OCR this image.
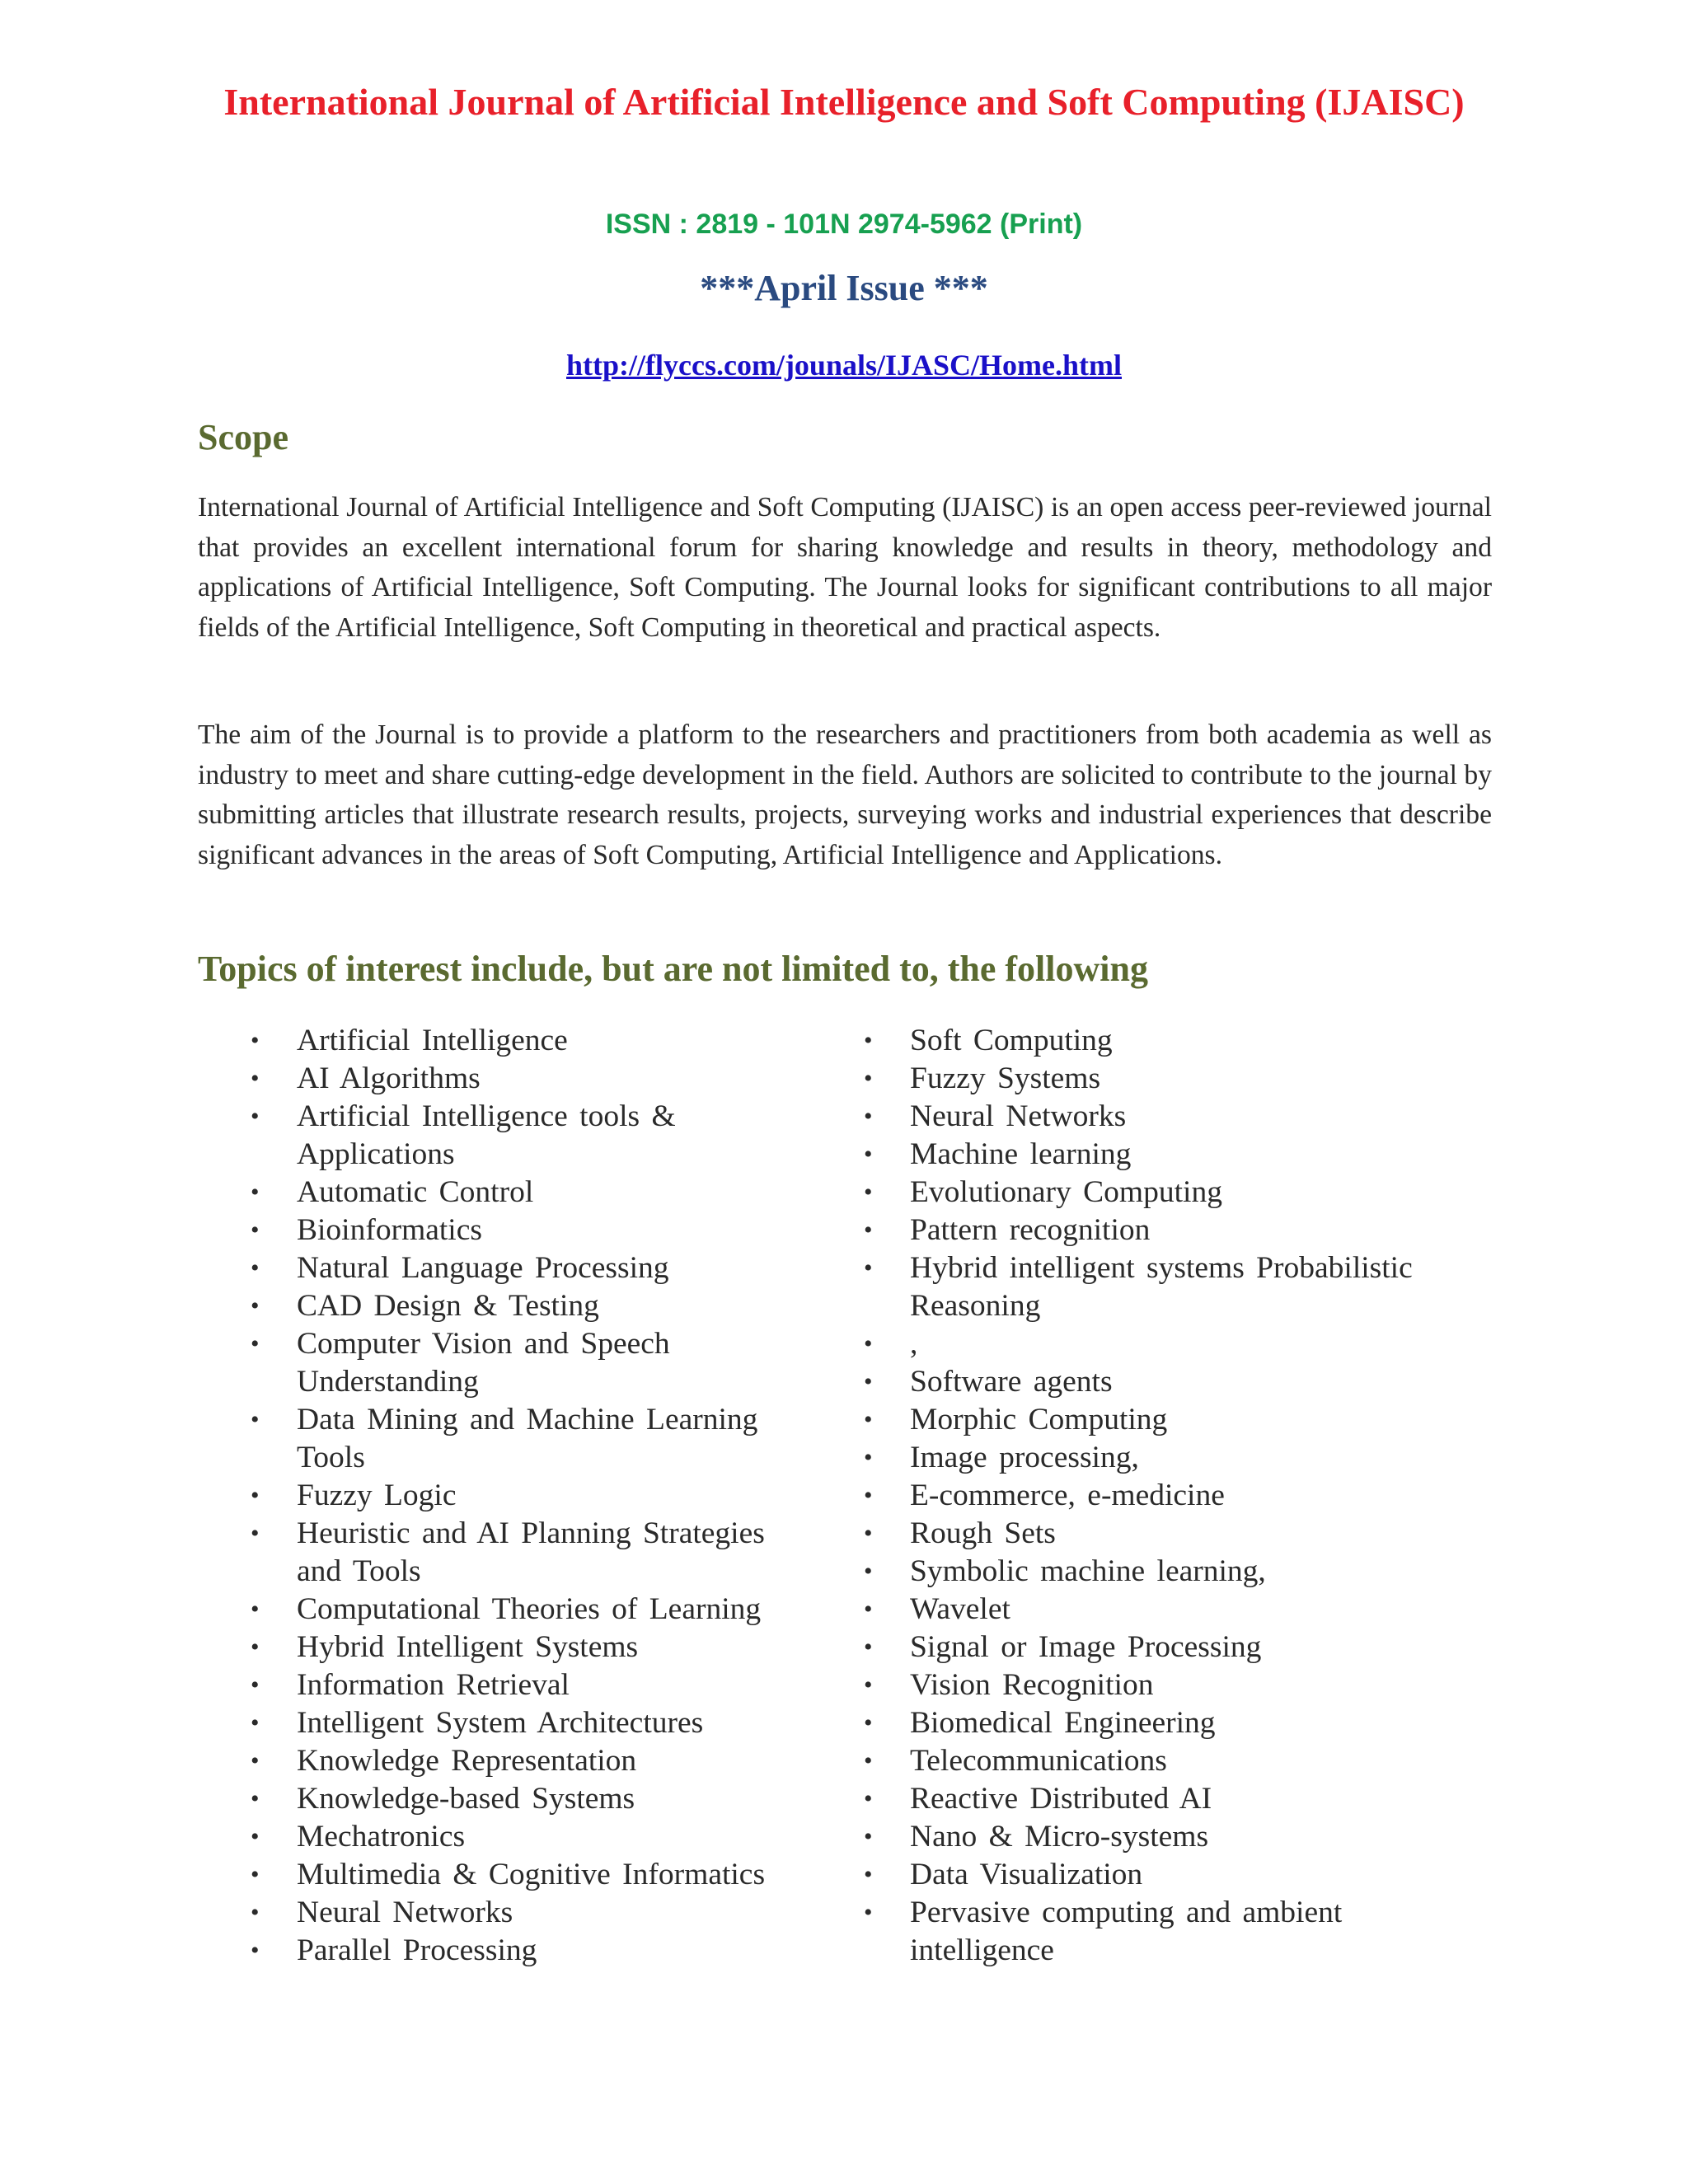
International Journal of Artificial Intelligence and Soft Computing (IJAISC)
ISSN : 2819 - 101N 2974-5962 (Print)
***April Issue ***
http://flyccs.com/jounals/IJASC/Home.html
Scope

International Journal of Artificial Intelligence and Soft Computing (IJAISC) is an open access peer-reviewed journal that provides an excellent international forum for sharing knowledge and results in theory, methodology and applications of Artificial Intelligence, Soft Computing. The Journal looks for significant contributions to all major fields of the Artificial Intelligence, Soft Computing in theoretical and practical aspects.

The aim of the Journal is to provide a platform to the researchers and practitioners from both academia as well as industry to meet and share cutting-edge development in the field. Authors are solicited to contribute to the journal by submitting articles that illustrate research results, projects, surveying works and industrial experiences that describe significant advances in the areas of Soft Computing, Artificial Intelligence and Applications.

Topics of interest include, but are not limited to, the following
• Artificial Intelligence
• AI Algorithms
• Artificial Intelligence tools & Applications
• Automatic Control
• Bioinformatics
• Natural Language Processing
• CAD Design & Testing
• Computer Vision and Speech Understanding
• Data Mining and Machine Learning Tools
• Fuzzy Logic
• Heuristic and AI Planning Strategies and Tools
• Computational Theories of Learning
• Hybrid Intelligent Systems
• Information Retrieval
• Intelligent System Architectures
• Knowledge Representation
• Knowledge-based Systems
• Mechatronics
• Multimedia & Cognitive Informatics
• Neural Networks
• Parallel Processing
• Soft Computing
• Fuzzy Systems
• Neural Networks
• Machine learning
• Evolutionary Computing
• Pattern recognition
• Hybrid intelligent systems Probabilistic Reasoning
• ,
• Software agents
• Morphic Computing
• Image processing,
• E-commerce, e-medicine
• Rough Sets
• Symbolic machine learning,
• Wavelet
• Signal or Image Processing
• Vision Recognition
• Biomedical Engineering
• Telecommunications
• Reactive Distributed AI
• Nano & Micro-systems
• Data Visualization
• Pervasive computing and ambient intelligence
